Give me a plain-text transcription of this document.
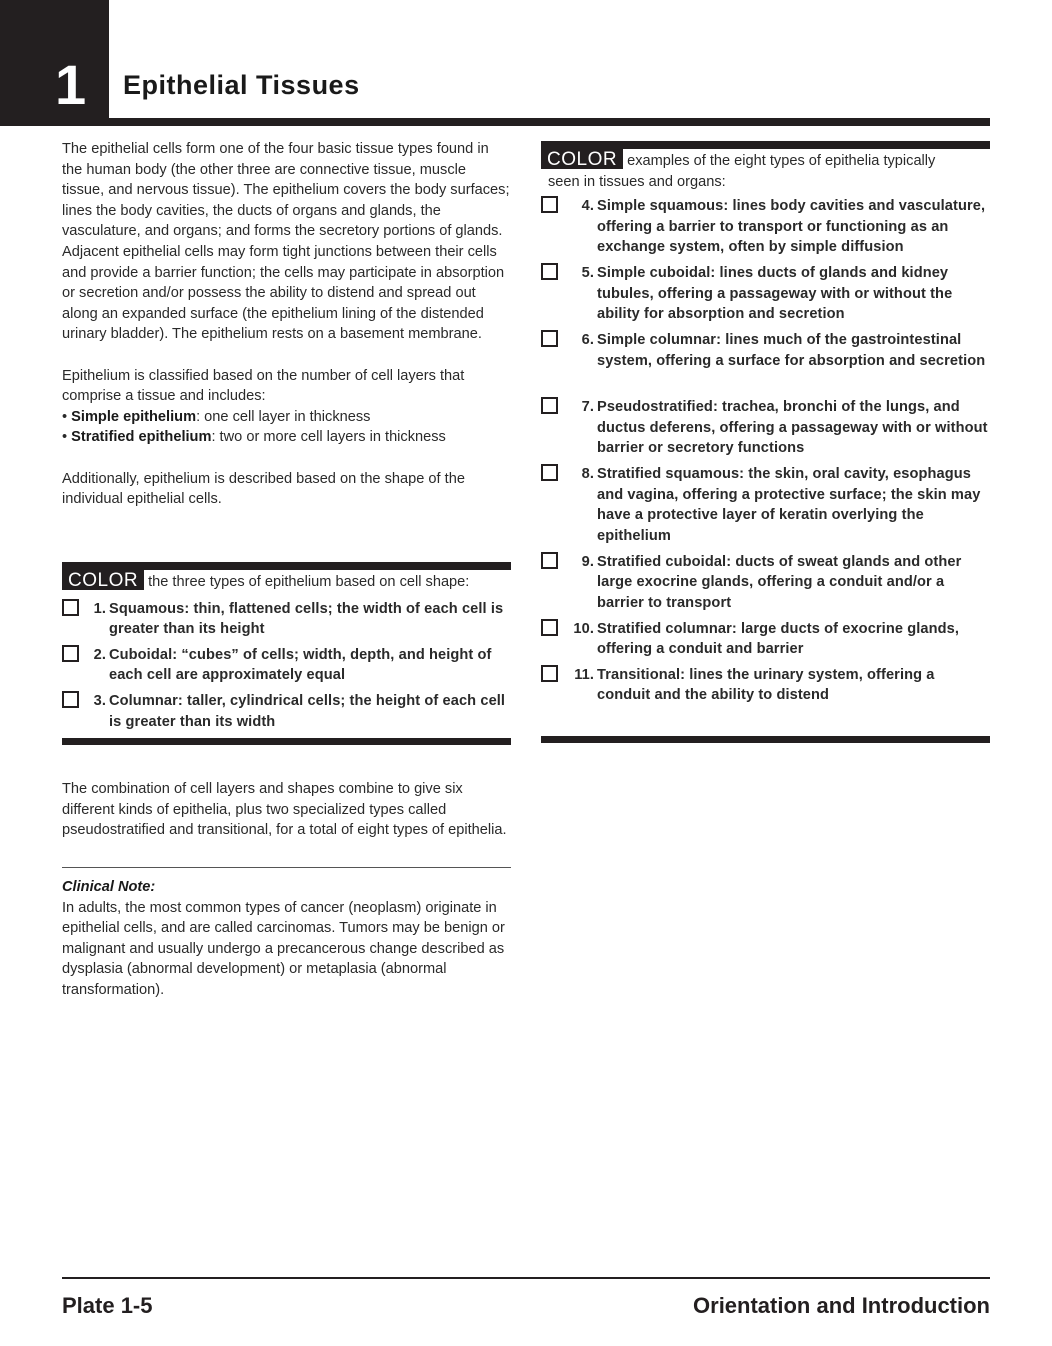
1 Epithelial Tissues

The epithelial cells form one of the four basic tissue types found in the human body (the other three are connective tissue, muscle tissue, and nervous tissue). The epithelium covers the body surfaces; lines the body cavities, the ducts of organs and glands, the vasculature, and organs; and forms the secretory portions of glands. Adjacent epithelial cells may form tight junctions between their cells and provide a barrier function; the cells may participate in absorption or secretion and/or possess the ability to distend and spread out along an expanded surface (the epithelium lining of the distended urinary bladder). The epithelium rests on a basement membrane.

Epithelium is classified based on the number of cell layers that comprise a tissue and includes:

• Simple epithelium: one cell layer in thickness
• Stratified epithelium: two or more cell layers in thickness

Additionally, epithelium is described based on the shape of the individual epithelial cells.

COLOR the three types of epithelium based on cell shape:
1. Squamous: thin, flattened cells; the width of each cell is greater than its height
2. Cuboidal: “cubes” of cells; width, depth, and height of each cell are approximately equal
3. Columnar: taller, cylindrical cells; the height of each cell is greater than its width

The combination of cell layers and shapes combine to give six different kinds of epithelia, plus two specialized types called pseudostratified and transitional, for a total of eight types of epithelia.

Clinical Note:

In adults, the most common types of cancer (neoplasm) originate in epithelial cells, and are called carcinomas. Tumors may be benign or malignant and usually undergo a precancerous change described as dysplasia (abnormal development) or metaplasia (abnormal transformation).

COLOR examples of the eight types of epithelia typically
seen in tissues and organs:
4. Simple squamous: lines body cavities and vasculature, offering a barrier to transport or functioning as an exchange system, often by simple diffusion
5. Simple cuboidal: lines ducts of glands and kidney tubules, offering a passageway with or without the ability for absorption and secretion
6. Simple columnar: lines much of the gastrointestinal system, offering a surface for absorption and secretion
7. Pseudostratified: trachea, bronchi of the lungs, and ductus deferens, offering a passageway with or without barrier or secretory functions
8. Stratified squamous: the skin, oral cavity, esophagus and vagina, offering a protective surface; the skin may have a protective layer of keratin overlying the epithelium
9. Stratified cuboidal: ducts of sweat glands and other large exocrine glands, offering a conduit and/or a barrier to transport
10. Stratified columnar: large ducts of exocrine glands, offering a conduit and barrier
11. Transitional: lines the urinary system, offering a conduit and the ability to distend
Plate 1-5	Orientation and Introduction
